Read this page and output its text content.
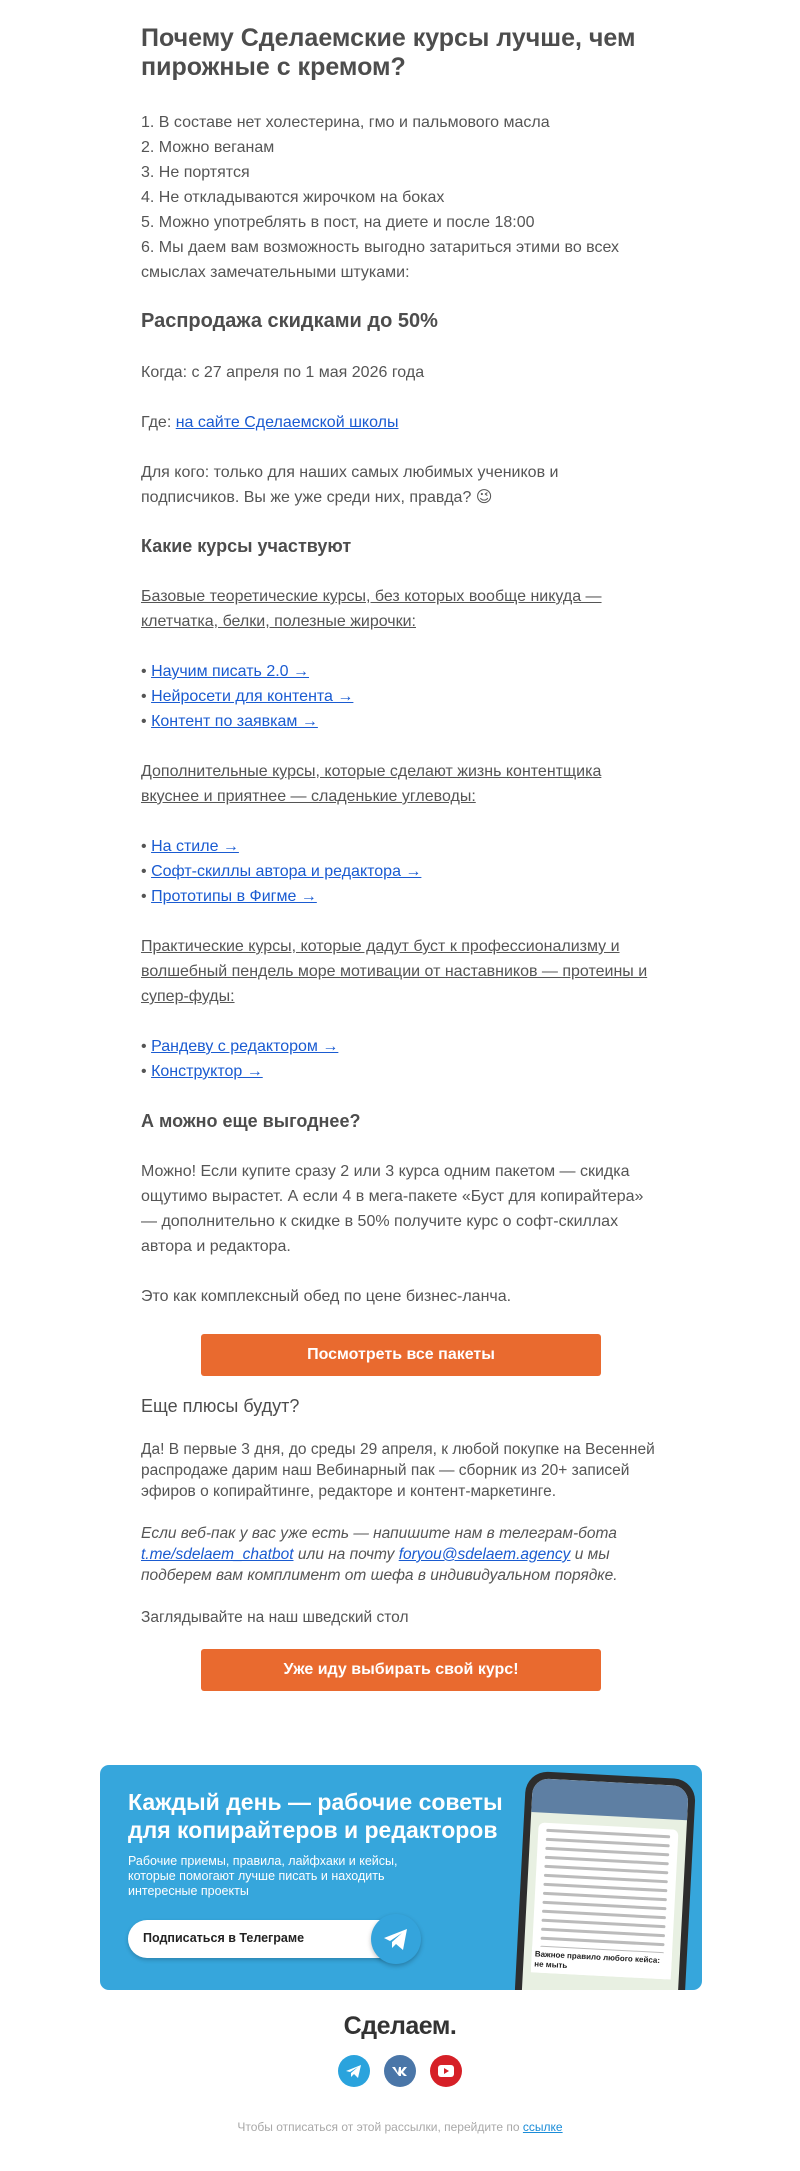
Почему Сделаемские курсы лучше, чем пирожные с кремом?

1. В составе нет холестерина, гмо и пальмового масла

2. Можно веганам

3. Не портятся

4. Не откладываются жирочком на боках

5. Можно употреблять в пост, на диете и после 18:00

6. Мы даем вам возможность выгодно затариться этими во всех смыслах замечательными штуками:

Распродажа скидками до 50%

Когда: с 27 апреля по 1 мая 2026 года

Где: на сайте Сделаемской школы

Для кого: только для наших самых любимых учеников и подписчиков. Вы же уже среди них, правда? 😉

Какие курсы участвуют

Базовые теоретические курсы, без которых вообще никуда — клетчатка, белки, полезные жирочки:

• Научим писать 2.0 →

• Нейросети для контента →

• Контент по заявкам →

Дополнительные курсы, которые сделают жизнь контентщика вкуснее и приятнее — сладенькие углеводы:

• На стиле →

• Софт-скиллы автора и редактора →

• Прототипы в Фигме →

Практические курсы, которые дадут буст к профессионализму и волшебный пендель море мотивации от наставников — протеины и супер-фуды:

• Рандеву с редактором →

• Конструктор →

А можно еще выгоднее?

Можно! Если купите сразу 2 или 3 курса одним пакетом — скидка ощутимо вырастет. А если 4 в мега-пакете «Буст для копирайтера» — дополнительно к скидке в 50% получите курс о софт-скиллах автора и редактора.

Это как комплексный обед по цене бизнес-ланча.

Посмотреть все пакеты
Еще плюсы будут?

Да! В первые 3 дня, до среды 29 апреля, к любой покупке на Весенней распродаже дарим наш Вебинарный пак — сборник из 20+ записей эфиров о копирайтинге, редакторе и контент-маркетинге.

Если веб-пак у вас уже есть — напишите нам в телеграм-бота t.me/sdelaem_chatbot или на почту foryou@sdelaem.agency и мы подберем вам комплимент от шефа в индивидуальном порядке.

Заглядывайте на наш шведский стол

Уже иду выбирать свой курс!
Каждый день — рабочие советы для копирайтеров и редакторов
Рабочие приемы, правила, лайфхаки и кейсы, которые помогают лучше писать и находить интересные проекты
Подписаться в Телеграме
Важное правило любого кейса: не мыть
Сделаем.
Чтобы отписаться от этой рассылки, перейдите по ссылке
